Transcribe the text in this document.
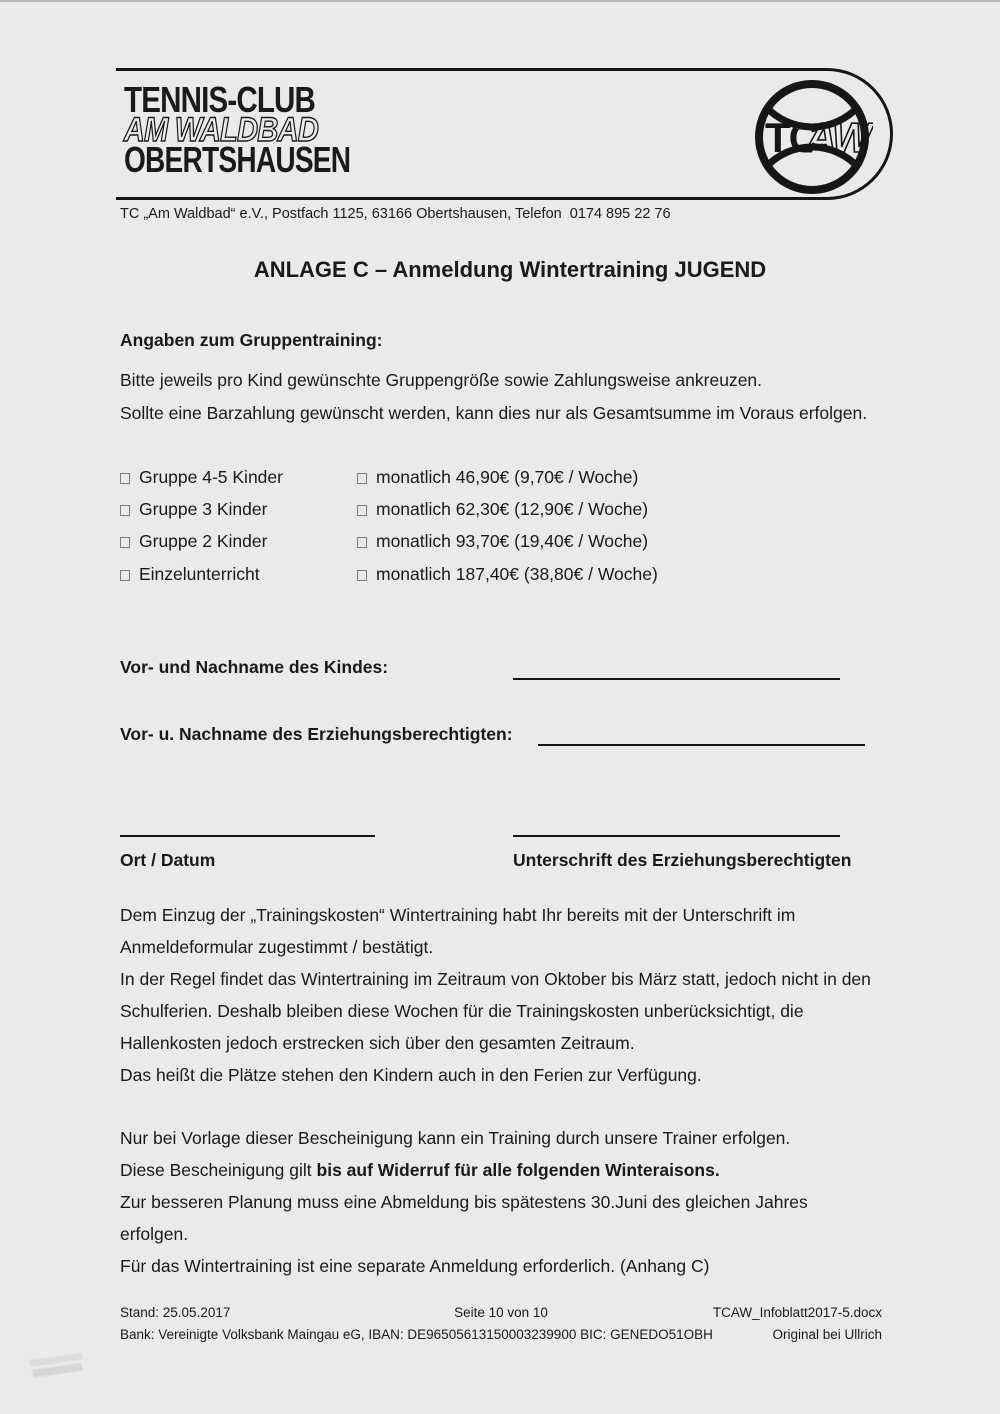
TENNIS-CLUB
AM WALDBAD
OBERTSHAUSEN	TC
AW
TC „Am Waldbad“ e.V., Postfach 1125, 63166 Obertshausen, Telefon  0174 895 22 76
ANLAGE C – Anmeldung Wintertraining JUGEND
Angaben zum Gruppentraining:
Bitte jeweils pro Kind gewünschte Gruppengröße sowie Zahlungsweise ankreuzen.
Sollte eine Barzahlung gewünscht werden, kann dies nur als Gesamtsumme im Voraus erfolgen.
Gruppe 4-5 Kinder	monatlich 46,90€ (9,70€ / Woche)
Gruppe 3 Kinder	monatlich 62,30€ (12,90€ / Woche)
Gruppe 2 Kinder	monatlich 93,70€ (19,40€ / Woche)
Einzelunterricht	monatlich 187,40€ (38,80€ / Woche)
Vor- und Nachname des Kindes:
Vor- u. Nachname des Erziehungsberechtigten:
Ort / Datum	Unterschrift des Erziehungsberechtigten
Dem Einzug der „Trainingskosten“ Wintertraining habt Ihr bereits mit der Unterschrift im
Anmeldeformular zugestimmt / bestätigt.
In der Regel findet das Wintertraining im Zeitraum von Oktober bis März statt, jedoch nicht in den
Schulferien. Deshalb bleiben diese Wochen für die Trainingskosten unberücksichtigt, die
Hallenkosten jedoch erstrecken sich über den gesamten Zeitraum.
Das heißt die Plätze stehen den Kindern auch in den Ferien zur Verfügung.
Nur bei Vorlage dieser Bescheinigung kann ein Training durch unsere Trainer erfolgen.
Diese Bescheinigung gilt bis auf Widerruf für alle folgenden Winteraisons.
Zur besseren Planung muss eine Abmeldung bis spätestens 30.Juni des gleichen Jahres
erfolgen.
Für das Wintertraining ist eine separate Anmeldung erforderlich. (Anhang C)
Stand: 25.05.2017	Seite 10 von 10	TCAW_Infoblatt2017-5.docx
Bank: Vereinigte Volksbank Maingau eG, IBAN: DE96505613150003239900 BIC: GENEDO51OBH	Original bei Ullrich
